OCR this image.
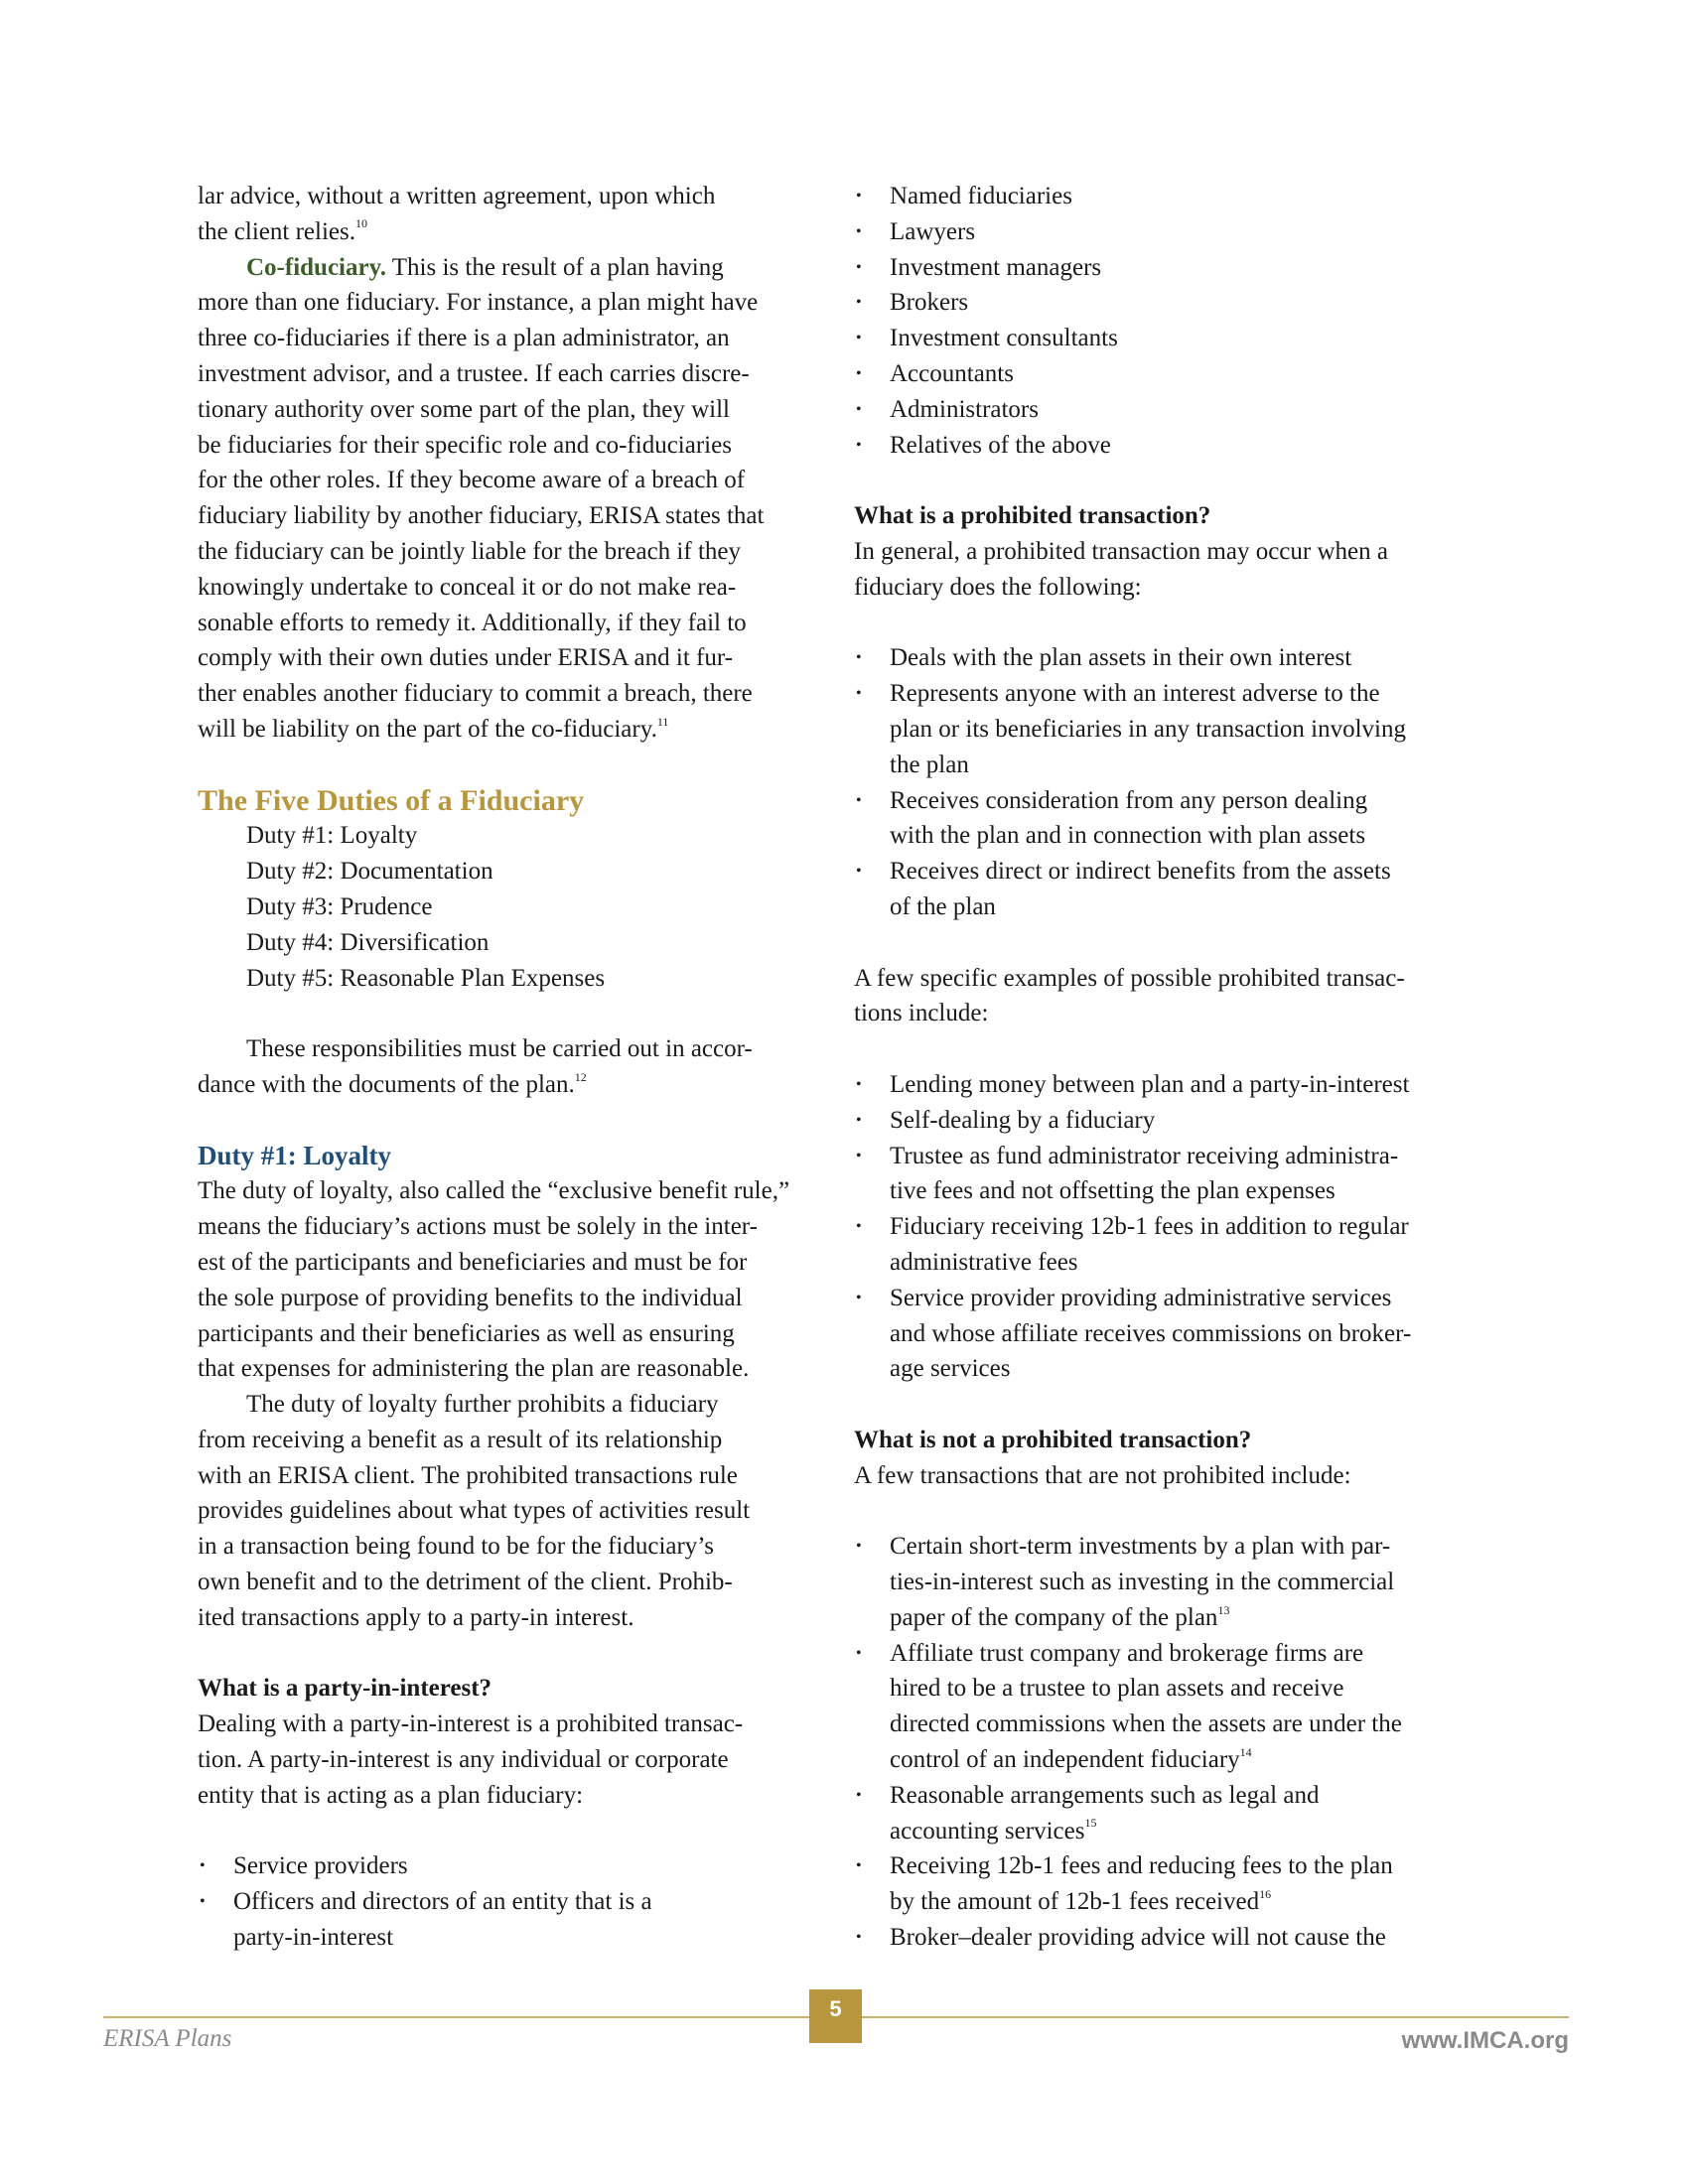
lar advice, without a written agreement, upon which
the client relies.$^{10}$
Co-fiduciary. This is the result of a plan having
more than one fiduciary. For instance, a plan might have
three co-fiduciaries if there is a plan administrator, an
investment advisor, and a trustee. If each carries discre-
tionary authority over some part of the plan, they will
be fiduciaries for their specific role and co-fiduciaries
for the other roles. If they become aware of a breach of
fiduciary liability by another fiduciary, ERISA states that
the fiduciary can be jointly liable for the breach if they
knowingly undertake to conceal it or do not make rea-
sonable efforts to remedy it. Additionally, if they fail to
comply with their own duties under ERISA and it fur-
ther enables another fiduciary to commit a breach, there
will be liability on the part of the co-fiduciary.$^{11}$
The Five Duties of a Fiduciary
Duty #1: Loyalty
Duty #2: Documentation
Duty #3: Prudence
Duty #4: Diversification
Duty #5: Reasonable Plan Expenses
These responsibilities must be carried out in accor-
dance with the documents of the plan.$^{12}$
Duty #1: Loyalty
The duty of loyalty, also called the “exclusive benefit rule,”
means the fiduciary’s actions must be solely in the inter-
est of the participants and beneficiaries and must be for
the sole purpose of providing benefits to the individual
participants and their beneficiaries as well as ensuring
that expenses for administering the plan are reasonable.
The duty of loyalty further prohibits a fiduciary
from receiving a benefit as a result of its relationship
with an ERISA client. The prohibited transactions rule
provides guidelines about what types of activities result
in a transaction being found to be for the fiduciary’s
own benefit and to the detriment of the client. Prohib-
ited transactions apply to a party-in interest.
What is a party-in-interest?
Dealing with a party-in-interest is a prohibited transac-
tion. A party-in-interest is any individual or corporate
entity that is acting as a plan fiduciary:
• Service providers
• Officers and directors of an entity that is a
party-in-interest
• Named fiduciaries
• Lawyers
• Investment managers
• Brokers
• Investment consultants
• Accountants
• Administrators
• Relatives of the above
What is a prohibited transaction?
In general, a prohibited transaction may occur when a
fiduciary does the following:
• Deals with the plan assets in their own interest
• Represents anyone with an interest adverse to the
plan or its beneficiaries in any transaction involving
the plan
• Receives consideration from any person dealing
with the plan and in connection with plan assets
• Receives direct or indirect benefits from the assets
of the plan
A few specific examples of possible prohibited transac-
tions include:
• Lending money between plan and a party-in-interest
• Self-dealing by a fiduciary
• Trustee as fund administrator receiving administra-
tive fees and not offsetting the plan expenses
• Fiduciary receiving 12b-1 fees in addition to regular
administrative fees
• Service provider providing administrative services
and whose affiliate receives commissions on broker-
age services
What is not a prohibited transaction?
A few transactions that are not prohibited include:
• Certain short-term investments by a plan with par-
ties-in-interest such as investing in the commercial
paper of the company of the plan$^{13}$
• Affiliate trust company and brokerage firms are
hired to be a trustee to plan assets and receive
directed commissions when the assets are under the
control of an independent fiduciary$^{14}$
• Reasonable arrangements such as legal and
accounting services$^{15}$
• Receiving 12b-1 fees and reducing fees to the plan
by the amount of 12b-1 fees received$^{16}$
• Broker–dealer providing advice will not cause the
5
ERISA Plans	www.IMCA.org
